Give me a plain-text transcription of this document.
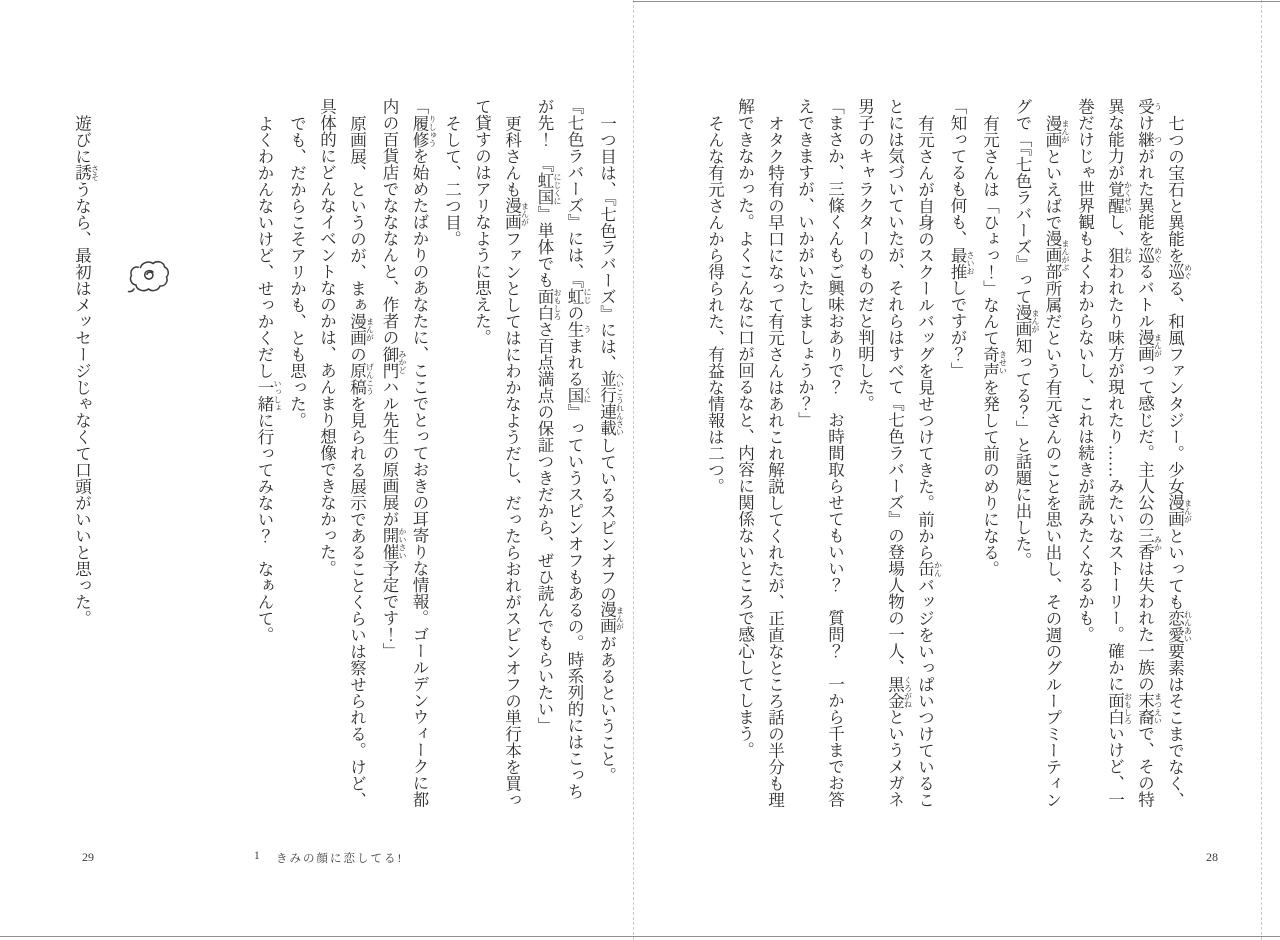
七つの宝石と異能を巡 めぐる、和風ファンタジー。少女漫画 まんがといっても恋愛 れんあい要素はそこまでなく、受 うけ継 つがれた異能を巡 めぐるバトル漫画 まんがって感じだ。主人公の三香 みかは失われた一族の末裔 まつえいで、その特異な能力が覚醒 かくせいし、狙 ねらわれたり味方が現れたり……みたいなストーリー。確かに面白 おもしろいけど、一巻だけじゃ世界観もよくわからないし、これは続きが読みたくなるかも。

漫画 まんがといえばで漫画部 まんがぶ所属だという有元さんのことを思い出し、その週のグループミーティングで「『七色ラバーズ』って漫画 まんが知ってる？」と話題に出した。

有元さんは「ひょっ！」なんて奇声 きせいを発して前のめりになる。

「知ってるも何も、最推 さいおしですが？」

有元さんが自身のスクールバッグを見せつけてきた。前から缶 かんバッジをいっぱいつけていることには気づいていたが、それらはすべて『七色ラバーズ』の登場人物の一人、黒金 くろがねというメガネ男子のキャラクターのものだと判明した。

「まさか、三條くんもご興味おありで？　お時間取らせてもいい？　質問？　一から千までお答えできますが、いかがいたしましょうか？」

オタク特有の早口になって有元さんはあれこれ解説してくれたが、正直なところ話の半分も理解できなかった。よくこんなに口が回るなと、内容に関係ないところで感心してしまう。

そんな有元さんから得られた、有益な情報は二つ。

一つ目は、『七色ラバーズ』には、並行連載 へいこうれんさいしているスピンオフの漫画 まんががあるということ。

『七色ラバーズ』には、『虹 にじの生 うまれる国 くに』っていうスピンオフもあるの。時系列的にはこっちが先！　『虹国 にじくに』単体でも面白 おもしろさ百点満点の保証つきだから、ぜひ読んでもらいたい」

更科さんも漫画 まんがファンとしてはにわかなようだし、だったらおれがスピンオフの単行本を買って貸すのはアリなように思えた。

そして、二つ目。

「履修 りしゅうを始めたばかりのあなたに、ここでとっておきの耳寄りな情報。ゴールデンウィークに都内の百貨店でなななんと、作者の御門 みかどハル先生の原画展が開催 かいさい予定です！」

原画展、というのが、まぁ漫画 まんがの原稿 げんこうを見られる展示であることくらいは察せられる。けど、具体的にどんなイベントなのかは、あんまり想像できなかった。

でも、だからこそアリかも、とも思った。

よくわかんないけど、せっかくだし一緒 いっしょに行ってみない？　なぁんて。

遊びに誘 さそうなら、最初はメッセージじゃなくて口頭がいいと思った。

29	1 きみの顔に恋してる!	28
